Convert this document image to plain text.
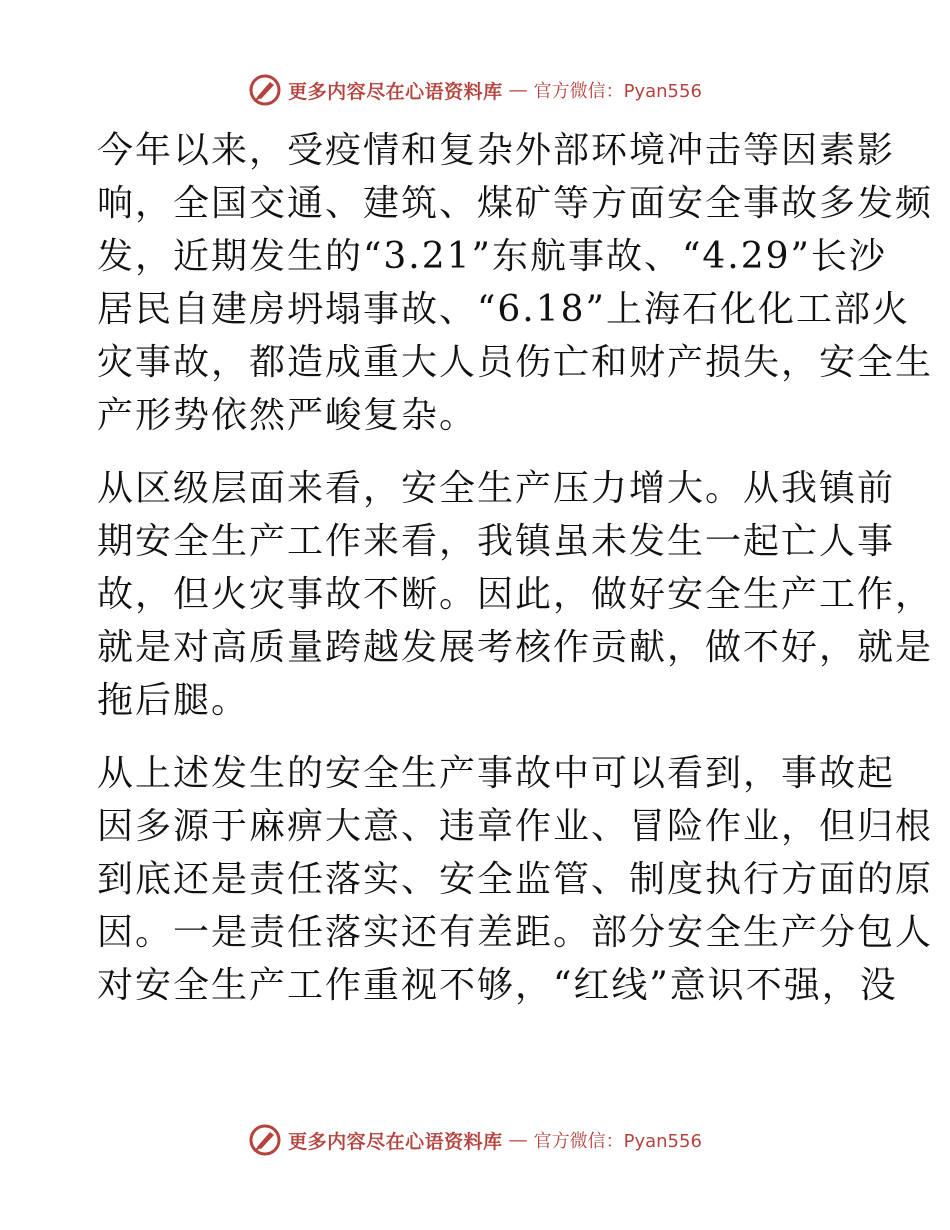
更多内容尽在心语资料库 — 官方微信：Pyan556

今年以来，受疫情和复杂外部环境冲击等因素影
响，全国交通、建筑、煤矿等方面安全事故多发频
发，近期发生的“3.21”东航事故、“4.29”长沙
居民自建房坍塌事故、“6.18”上海石化化工部火
灾事故，都造成重大人员伤亡和财产损失，安全生
产形势依然严峻复杂。

从区级层面来看，安全生产压力增大。从我镇前
期安全生产工作来看，我镇虽未发生一起亡人事
故，但火灾事故不断。因此，做好安全生产工作，
就是对高质量跨越发展考核作贡献，做不好，就是
拖后腿。

从上述发生的安全生产事故中可以看到，事故起
因多源于麻痹大意、违章作业、冒险作业，但归根
到底还是责任落实、安全监管、制度执行方面的原
因。一是责任落实还有差距。部分安全生产分包人
对安全生产工作重视不够，“红线”意识不强，没

更多内容尽在心语资料库 — 官方微信：Pyan556
